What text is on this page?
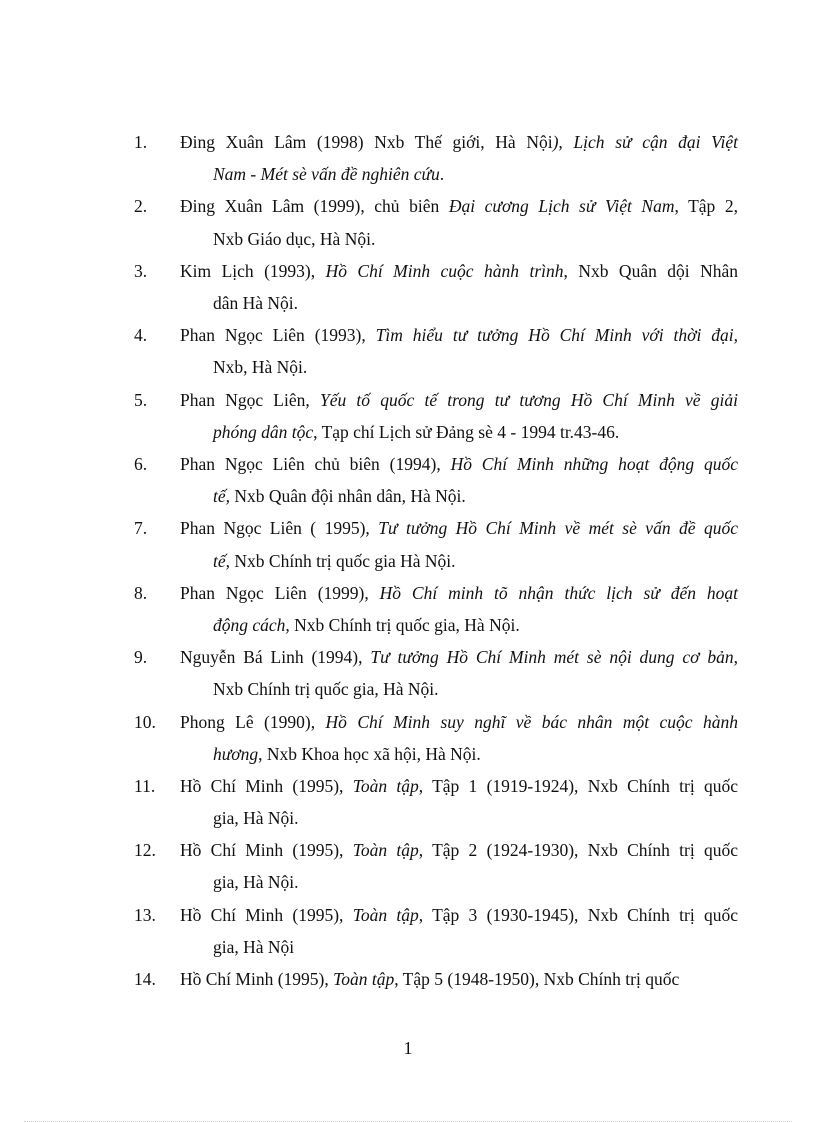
1. Đing Xuân Lâm (1998) Nxb Thế giới, Hà Nội), Lịch sử cận đại Việt
Nam - Mét sè vấn đề nghiên cứu.
2. Đing Xuân Lâm (1999), chủ biên Đại cương Lịch sử Việt Nam, Tập 2,
Nxb Giáo dục, Hà Nội.
3. Kim Lịch (1993), Hồ Chí Minh cuộc hành trình, Nxb Quân dội Nhân
dân Hà Nội.
4. Phan Ngọc Liên (1993), Tìm hiểu tư tưởng Hồ Chí Minh với thời đại,
Nxb, Hà Nội.
5. Phan Ngọc Liên, Yếu tố quốc tế trong tư tương Hồ Chí Minh về giải
phóng dân tộc, Tạp chí Lịch sử Đảng sè 4 - 1994 tr.43-46.
6. Phan Ngọc Liên chủ biên (1994), Hồ Chí Minh những hoạt động quốc
tế, Nxb Quân đội nhân dân, Hà Nội.
7. Phan Ngọc Liên ( 1995), Tư tưởng Hồ Chí Minh về mét sè vấn đề quốc
tế, Nxb Chính trị quốc gia Hà Nội.
8. Phan Ngọc Liên (1999), Hồ Chí minh tõ nhận thức lịch sử đến hoạt
động cách, Nxb Chính trị quốc gia, Hà Nội.
9. Nguyễn Bá Linh (1994), Tư tưởng Hồ Chí Minh mét sè nội dung cơ bản,
Nxb Chính trị quốc gia, Hà Nội.
10. Phong Lê (1990), Hồ Chí Minh suy nghĩ về bác nhân một cuộc hành
hương, Nxb Khoa học xã hội, Hà Nội.
11. Hồ Chí Minh (1995), Toàn tập, Tập 1 (1919-1924), Nxb Chính trị quốc
gia, Hà Nội.
12. Hồ Chí Minh (1995), Toàn tập, Tập 2 (1924-1930), Nxb Chính trị quốc
gia, Hà Nội.
13. Hồ Chí Minh (1995), Toàn tập, Tập 3 (1930-1945), Nxb Chính trị quốc
gia, Hà Nội
14. Hồ Chí Minh (1995), Toàn tập, Tập 5 (1948-1950), Nxb Chính trị quốc
1
